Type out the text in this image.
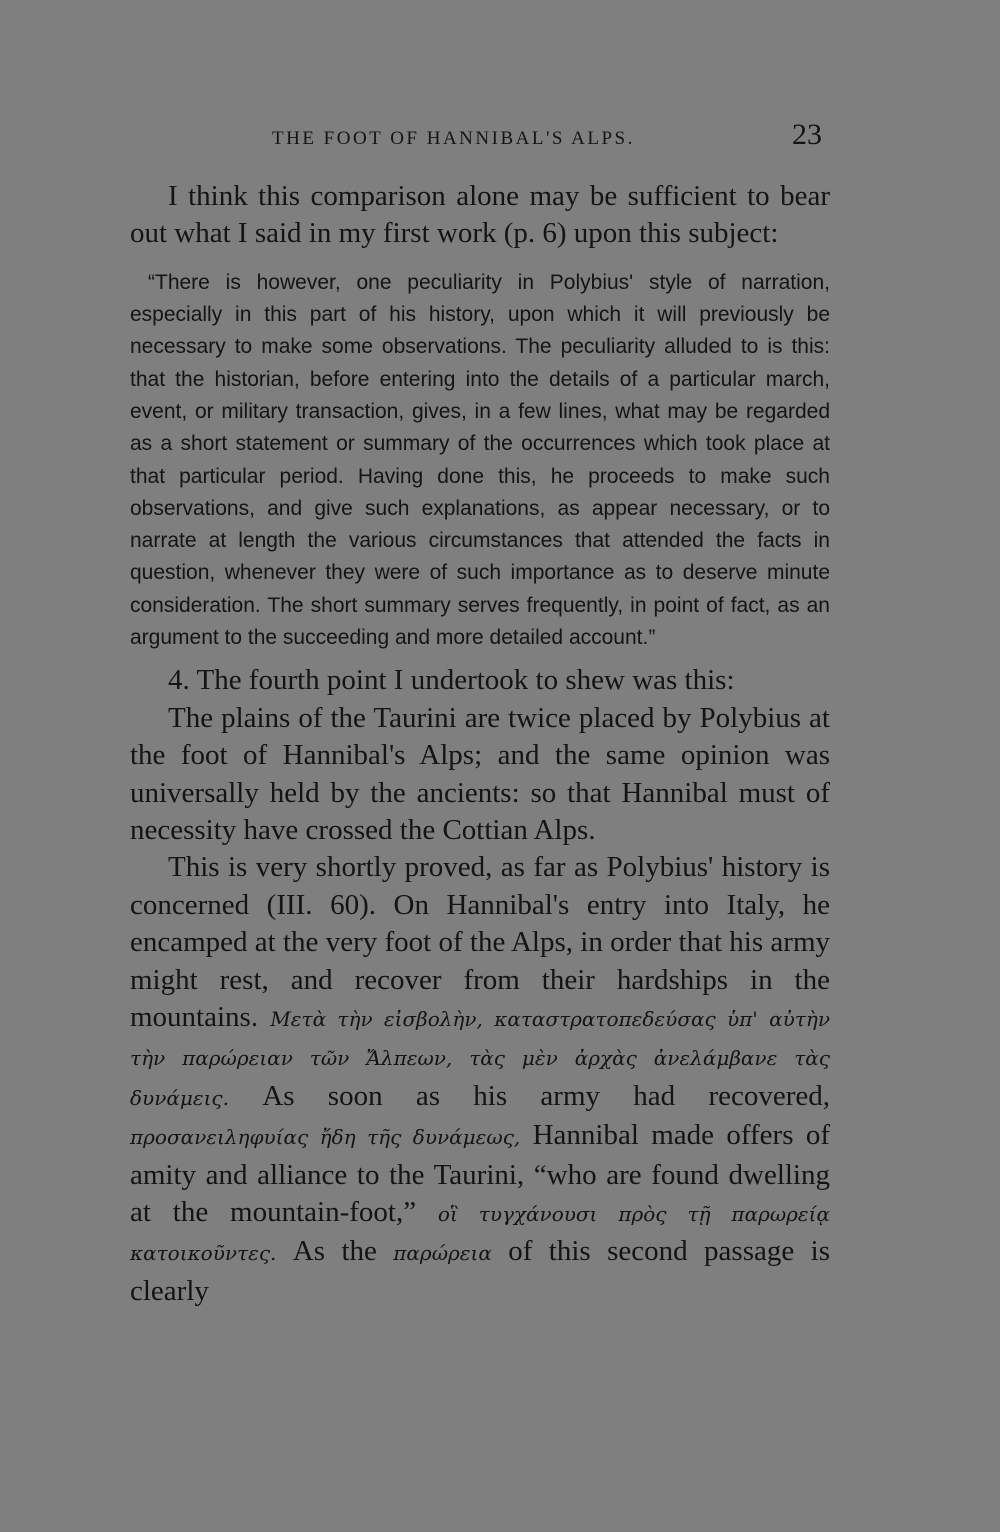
THE FOOT OF HANNIBAL'S ALPS.	23

I think this comparison alone may be sufficient to bear out what I said in my first work (p. 6) upon this subject:

“There is however, one peculiarity in Polybius' style of narration, especially in this part of his history, upon which it will previously be necessary to make some observations. The peculiarity alluded to is this: that the historian, before entering into the details of a particular march, event, or military transaction, gives, in a few lines, what may be regarded as a short statement or summary of the occurrences which took place at that particular period. Having done this, he proceeds to make such observations, and give such explanations, as appear necessary, or to narrate at length the various circumstances that attended the facts in question, whenever they were of such importance as to deserve minute consideration. The short summary serves frequently, in point of fact, as an argument to the succeeding and more detailed account.”

4. The fourth point I undertook to shew was this:

The plains of the Taurini are twice placed by Polybius at the foot of Hannibal's Alps; and the same opinion was universally held by the ancients: so that Hannibal must of necessity have crossed the Cottian Alps.

This is very shortly proved, as far as Polybius' history is concerned (III. 60). On Hannibal's entry into Italy, he encamped at the very foot of the Alps, in order that his army might rest, and recover from their hardships in the mountains. Μετὰ τὴν εἰσβολὴν, καταστρατοπεδεύσας ὑπ' αὐτὴν τὴν παρώρειαν τῶν Ἄλπεων, τὰς μὲν ἀρχὰς ἀνελάμβανε τὰς δυνάμεις. As soon as his army had recovered, προσανειληφυίας ἤδη τῆς δυνάμεως, Hannibal made offers of amity and alliance to the Taurini, “who are found dwelling at the mountain-foot,” οἳ τυγχάνουσι πρὸς τῇ παρωρείᾳ κατοικοῦντες. As the παρώρεια of this second passage is clearly
